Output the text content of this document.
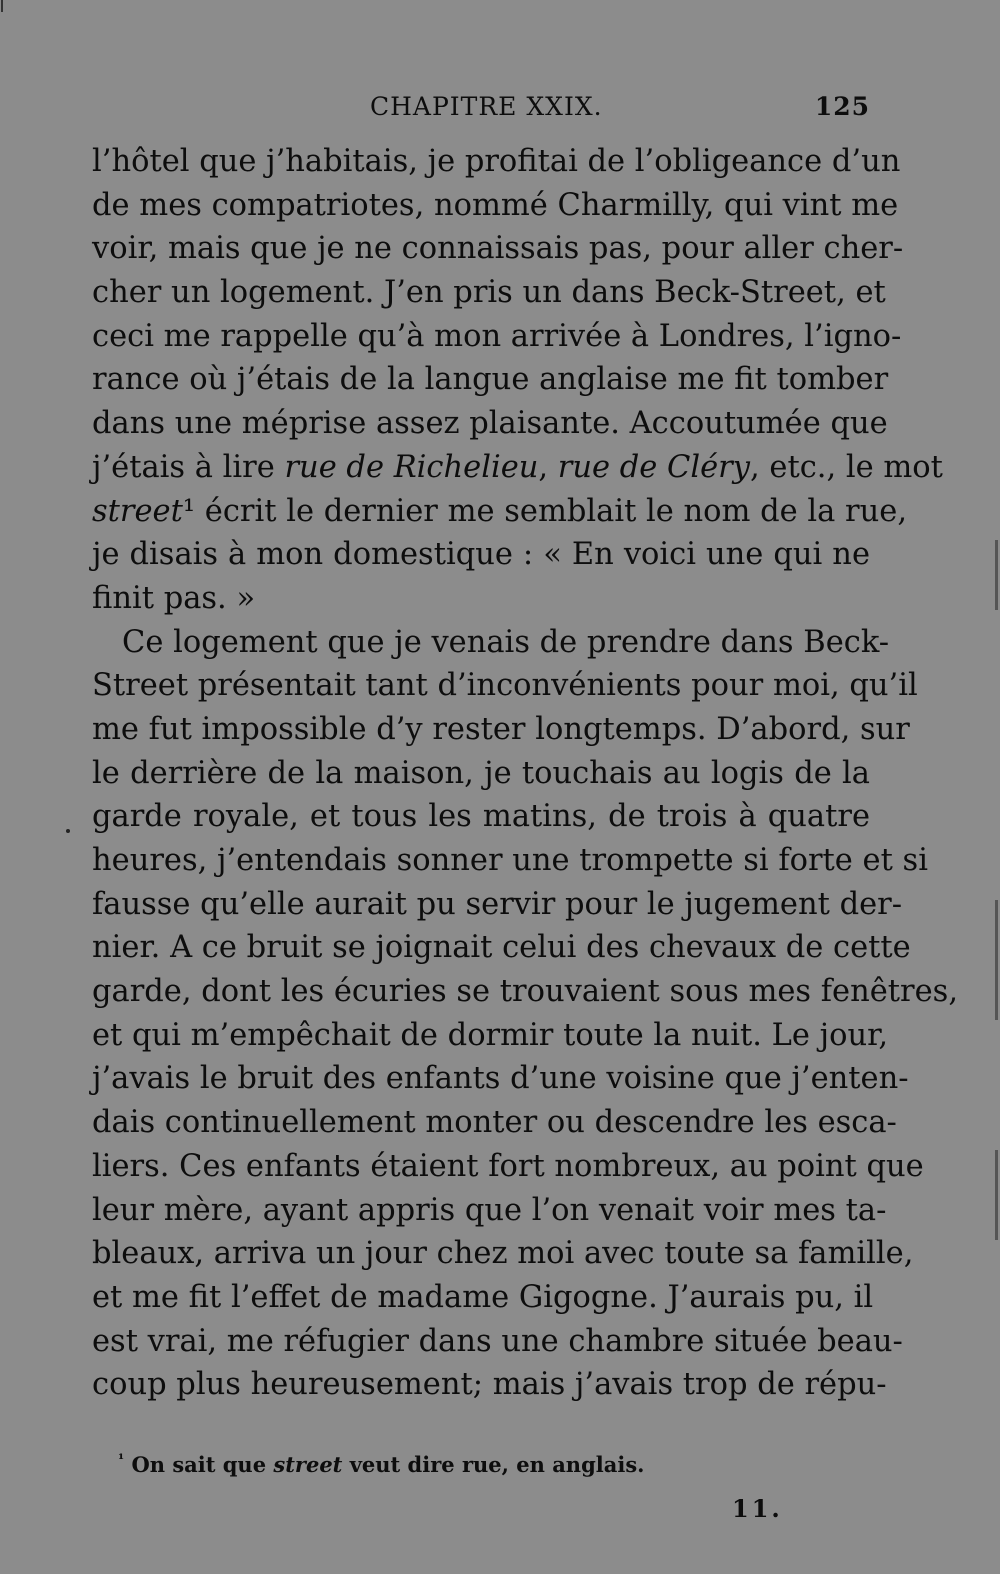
CHAPITRE XXIX.	125
l’hôtel que j’habitais, je profitai de l’obligeance d’un
de mes compatriotes, nommé Charmilly, qui vint me
voir, mais que je ne connaissais pas, pour aller cher-
cher un logement. J’en pris un dans Beck-Street, et
ceci me rappelle qu’à mon arrivée à Londres, l’igno-
rance où j’étais de la langue anglaise me fit tomber
dans une méprise assez plaisante. Accoutumée que
j’étais à lire rue de Richelieu, rue de Cléry, etc., le mot
street¹ écrit le dernier me semblait le nom de la rue,
je disais à mon domestique : « En voici une qui ne
finit pas. »
Ce logement que je venais de prendre dans Beck-
Street présentait tant d’inconvénients pour moi, qu’il
me fut impossible d’y rester longtemps. D’abord, sur
le derrière de la maison, je touchais au logis de la
garde royale, et tous les matins, de trois à quatre
heures, j’entendais sonner une trompette si forte et si
fausse qu’elle aurait pu servir pour le jugement der-
nier. A ce bruit se joignait celui des chevaux de cette
garde, dont les écuries se trouvaient sous mes fenêtres,
et qui m’empêchait de dormir toute la nuit. Le jour,
j’avais le bruit des enfants d’une voisine que j’enten-
dais continuellement monter ou descendre les esca-
liers. Ces enfants étaient fort nombreux, au point que
leur mère, ayant appris que l’on venait voir mes ta-
bleaux, arriva un jour chez moi avec toute sa famille,
et me fit l’effet de madame Gigogne. J’aurais pu, il
est vrai, me réfugier dans une chambre située beau-
coup plus heureusement; mais j’avais trop de répu-
$^{^1}$ On sait que street veut dire rue, en anglais.
11.
